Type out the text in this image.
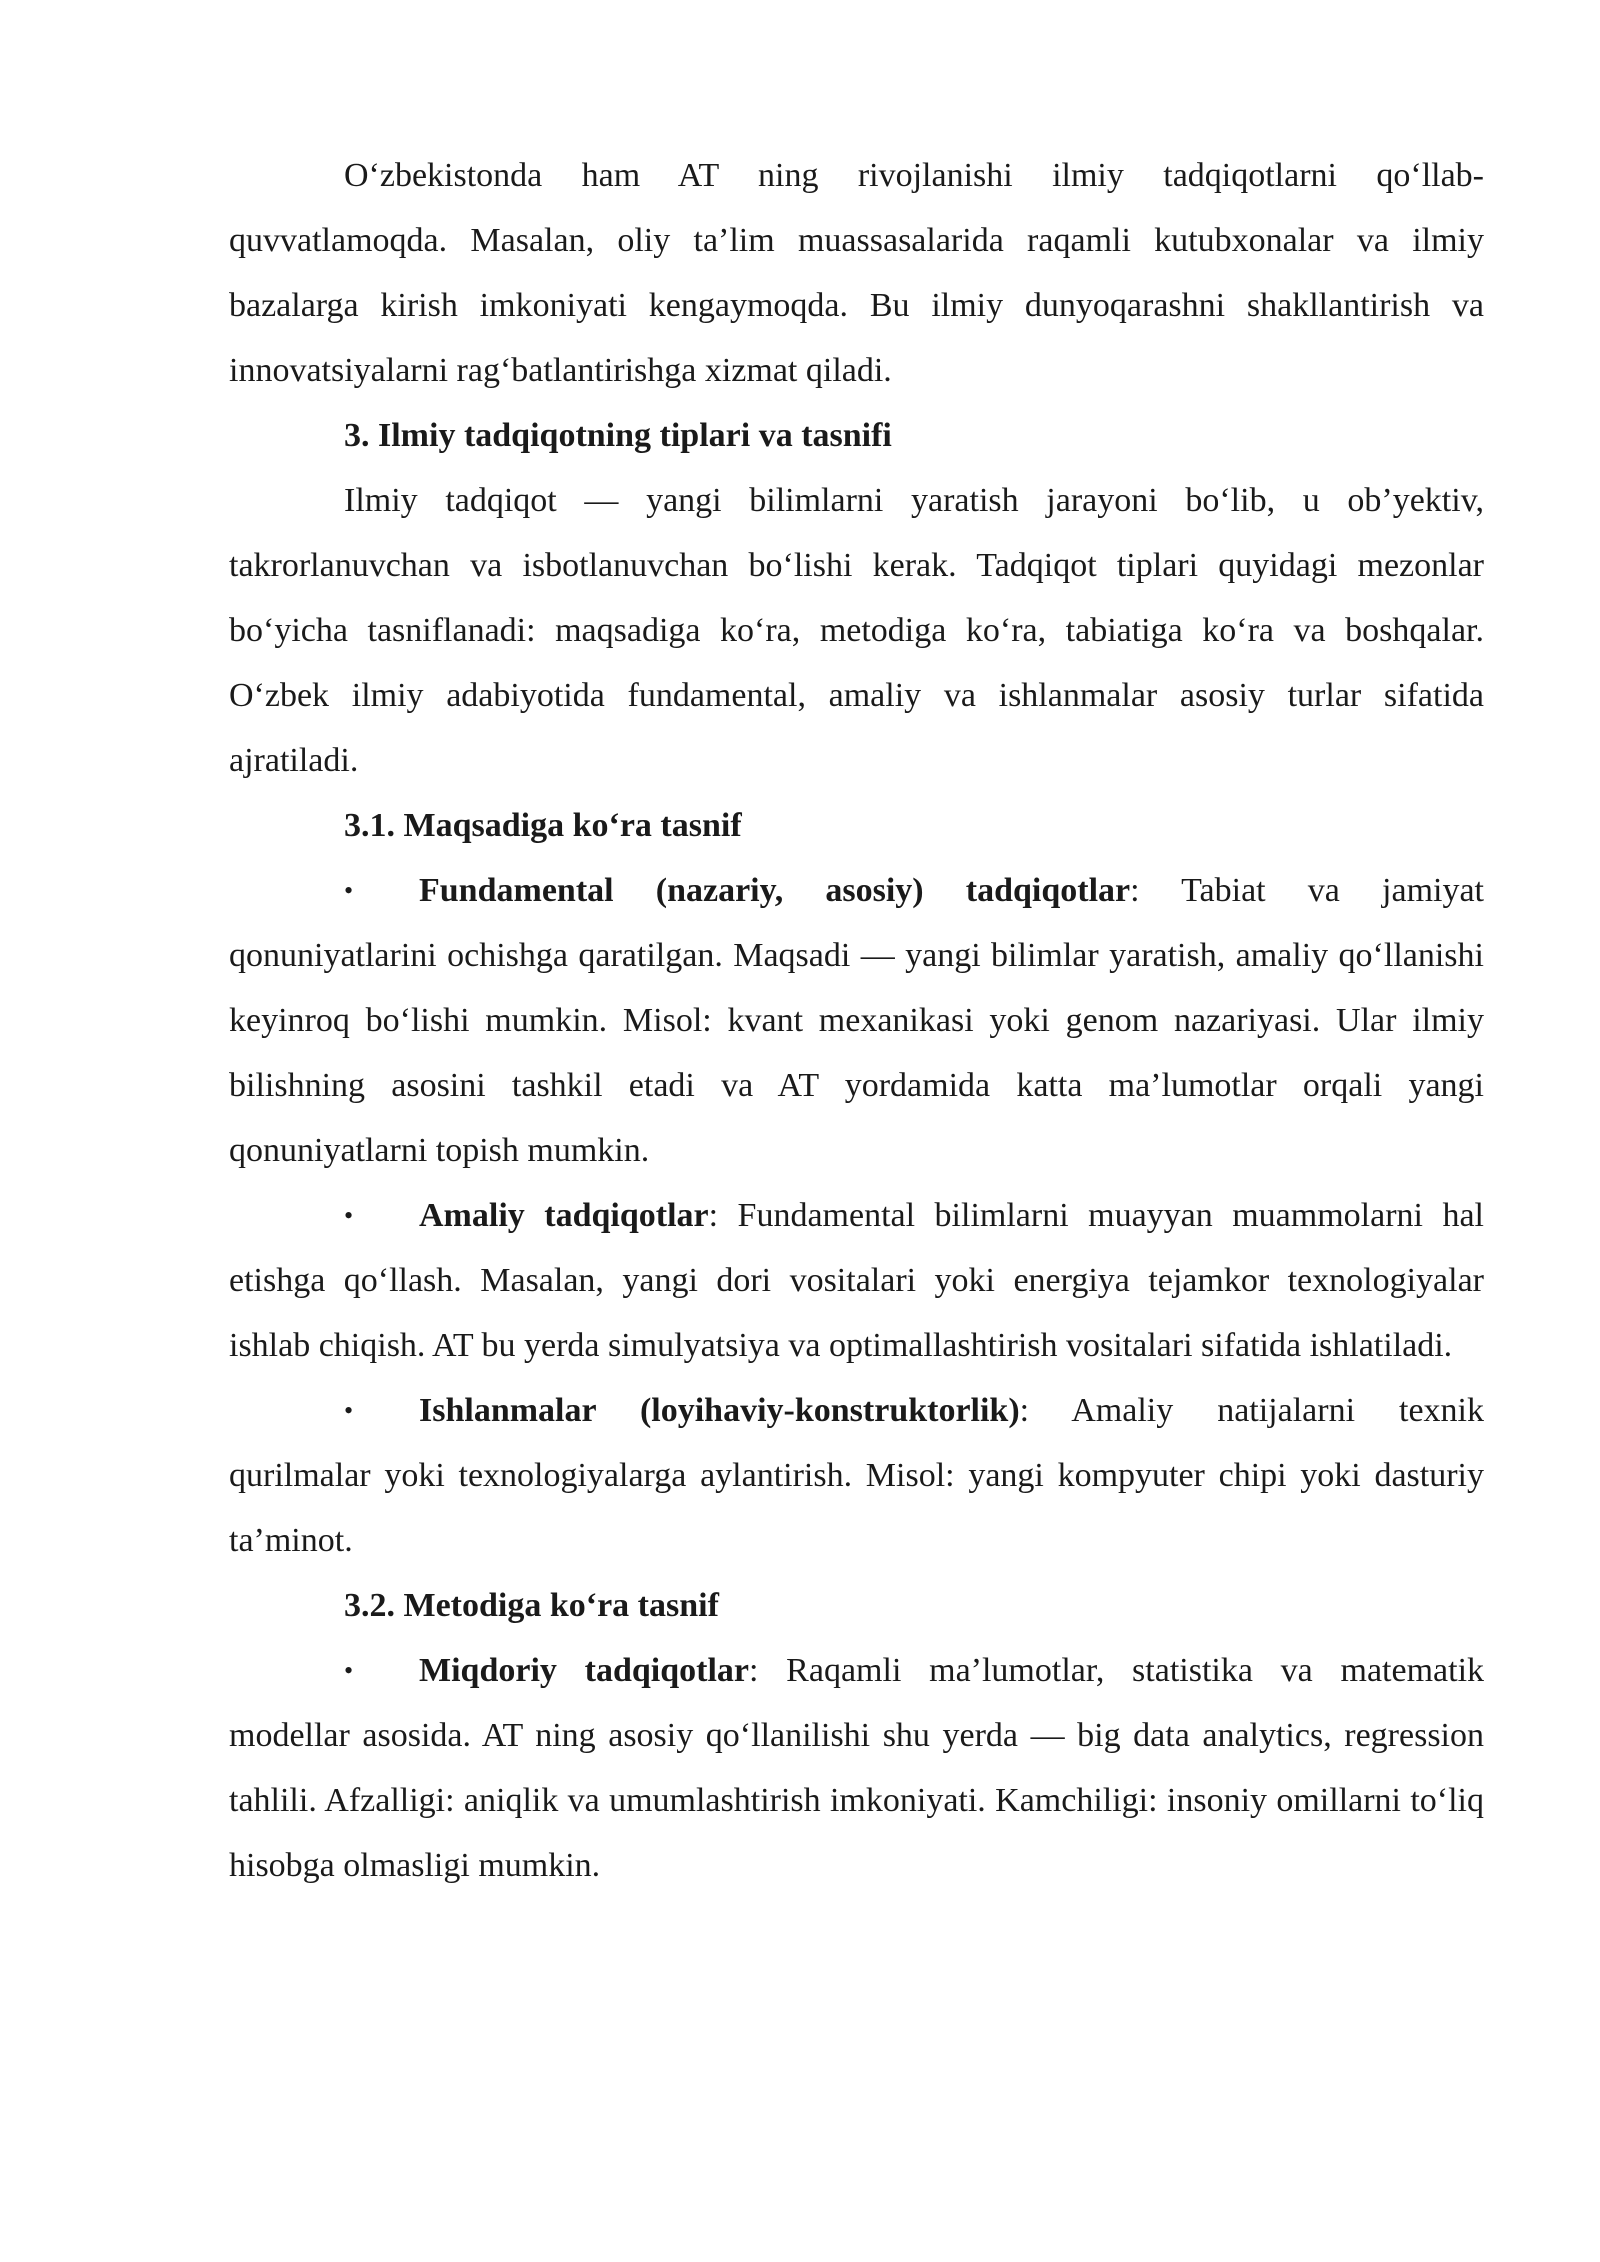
O‘zbekistonda ham AT ning rivojlanishi ilmiy tadqiqotlarni qo‘llab-quvvatlamoqda. Masalan, oliy ta’lim muassasalarida raqamli kutubxonalar va ilmiy bazalarga kirish imkoniyati kengaymoqda. Bu ilmiy dunyoqarashni shakllantirish va innovatsiyalarni rag‘batlantirishga xizmat qiladi.

3. Ilmiy tadqiqotning tiplari va tasnifi

Ilmiy tadqiqot — yangi bilimlarni yaratish jarayoni bo‘lib, u ob’yektiv, takrorlanuvchan va isbotlanuvchan bo‘lishi kerak. Tadqiqot tiplari quyidagi mezonlar bo‘yicha tasniflanadi: maqsadiga ko‘ra, metodiga ko‘ra, tabiatiga ko‘ra va boshqalar. O‘zbek ilmiy adabiyotida fundamental, amaliy va ishlanmalar asosiy turlar sifatida ajratiladi.

3.1. Maqsadiga ko‘ra tasnif

• Fundamental (nazariy, asosiy) tadqiqotlar: Tabiat va jamiyat qonuniyatlarini ochishga qaratilgan. Maqsadi — yangi bilimlar yaratish, amaliy qo‘llanishi keyinroq bo‘lishi mumkin. Misol: kvant mexanikasi yoki genom nazariyasi. Ular ilmiy bilishning asosini tashkil etadi va AT yordamida katta ma’lumotlar orqali yangi qonuniyatlarni topish mumkin.

• Amaliy tadqiqotlar: Fundamental bilimlarni muayyan muammolarni hal etishga qo‘llash. Masalan, yangi dori vositalari yoki energiya tejamkor texnologiyalar ishlab chiqish. AT bu yerda simulyatsiya va optimallashtirish vositalari sifatida ishlatiladi.

• Ishlanmalar (loyihaviy-konstruktorlik): Amaliy natijalarni texnik qurilmalar yoki texnologiyalarga aylantirish. Misol: yangi kompyuter chipi yoki dasturiy ta’minot.

3.2. Metodiga ko‘ra tasnif

• Miqdoriy tadqiqotlar: Raqamli ma’lumotlar, statistika va matematik modellar asosida. AT ning asosiy qo‘llanilishi shu yerda — big data analytics, regression tahlili. Afzalligi: aniqlik va umumlashtirish imkoniyati. Kamchiligi: insoniy omillarni to‘liq hisobga olmasligi mumkin.
